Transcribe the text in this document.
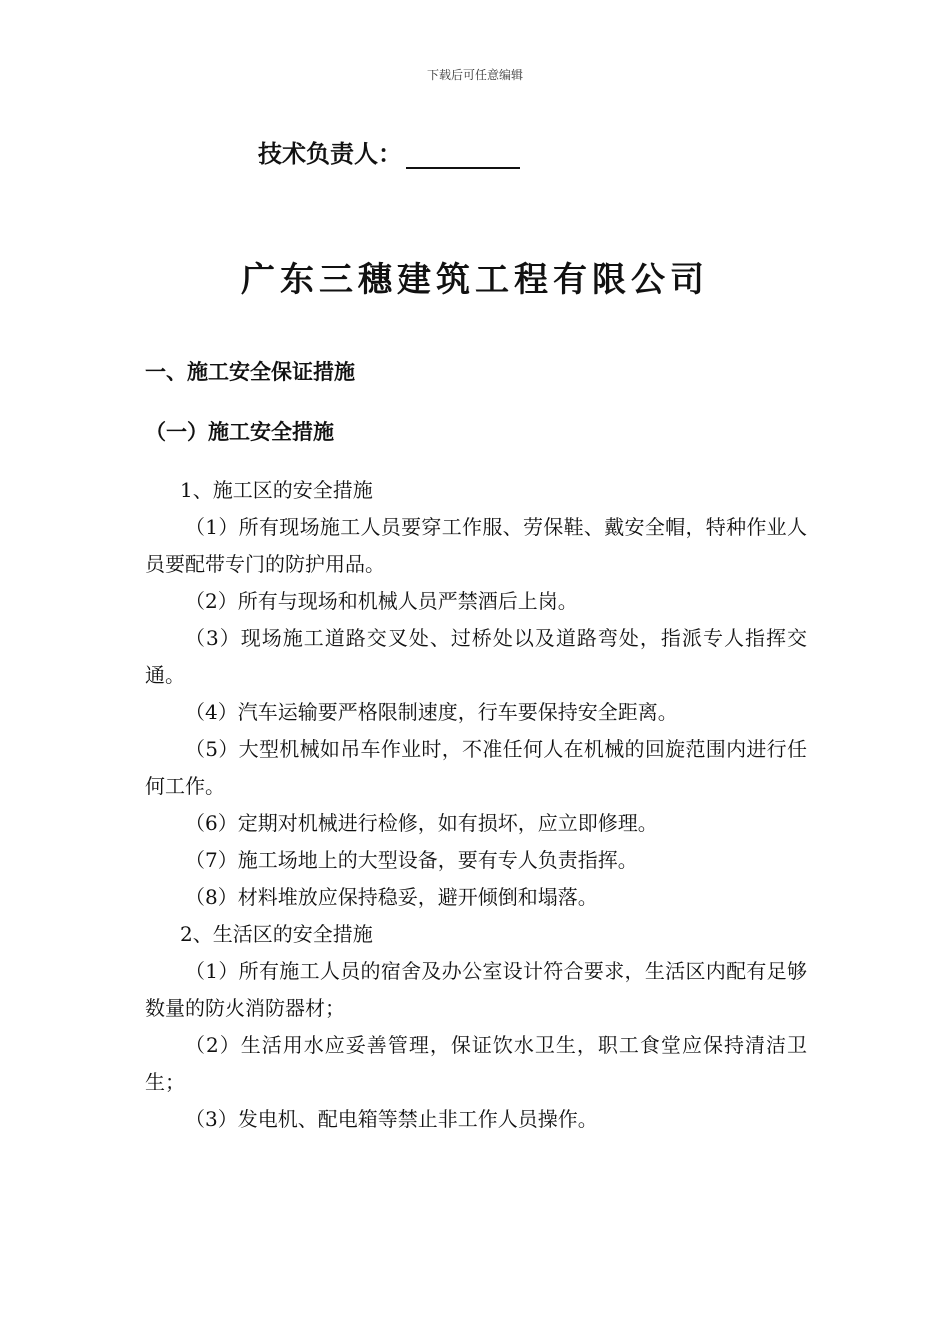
下载后可任意编辑
技术负责人：
广东三穗建筑工程有限公司
一、施工安全保证措施
（一）施工安全措施

1、施工区的安全措施

（1）所有现场施工人员要穿工作服、劳保鞋、戴安全帽，特种作业人员要配带专门的防护用品。

（2）所有与现场和机械人员严禁酒后上岗。

（3）现场施工道路交叉处、过桥处以及道路弯处，指派专人指挥交通。

（4）汽车运输要严格限制速度，行车要保持安全距离。

（5）大型机械如吊车作业时，不准任何人在机械的回旋范围内进行任何工作。

（6）定期对机械进行检修，如有损坏，应立即修理。

（7）施工场地上的大型设备，要有专人负责指挥。

（8）材料堆放应保持稳妥，避开倾倒和塌落。

2、生活区的安全措施

（1）所有施工人员的宿舍及办公室设计符合要求，生活区内配有足够数量的防火消防器材；

（2）生活用水应妥善管理，保证饮水卫生，职工食堂应保持清洁卫生；

（3）发电机、配电箱等禁止非工作人员操作。
